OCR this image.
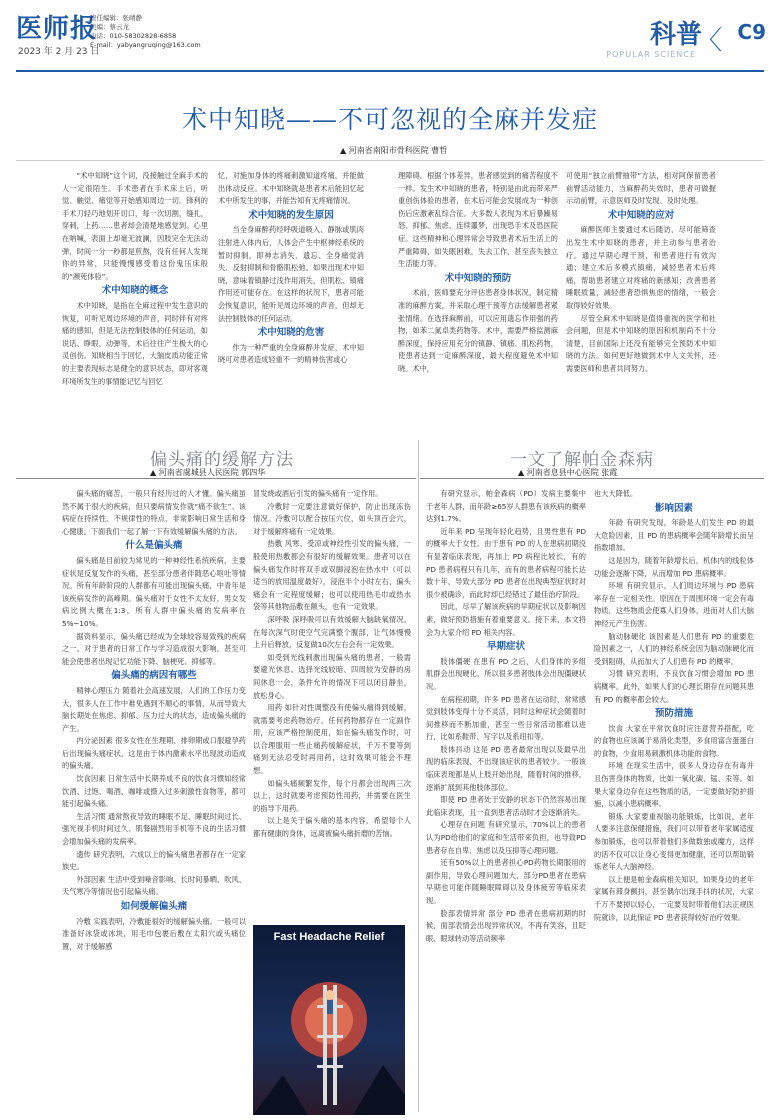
医师报
2023 年 2 月 23 日
责任编辑：张晴静
美编：蔡云龙
电话：010-58302828-6858
E-mail：yabyangruqing@163.com	科普
POPULAR SCIENCE 〈 C9
术中知晓——不可忽视的全麻并发症
▲ 河南省南阳市骨科医院 曹哲

“术中知晓”这个词，没接触过全麻手术的人一定很陌生。手术患者在手术床上后，听觉、触觉、痛觉等开始感知周边一切。锋利的手术刀轻巧地划开切口，每一次切割，缝扎，穿刺，上药……患者却会清楚地感觉到。心里在呐喊，表面上却毫无波澜，因肢完全无法动弹，时间一分一秒都是煎熬，没有任何人发现你的异常，只能慢慢感受着这份鬼压床般的“濒死体验”。

术中知晓的概念

术中知晓，是指在全麻过程中发生意识的恢复，可听见周边环境的声音，同时伴有对疼痛的感知，但是无法控制肢体的任何运动，如说话、睁眼、动弹等，术后往往产生极大的心灵创伤。知晓相当于回忆，大脑皮质功能正常的主要表现标志是健全的意识状态，即对客观环境所发生的事情能记忆与回忆

忆，对施加身体的疼痛刺激知道疼痛，并能做出体动反应。术中知晓就是患者术后能回忆起术中所发生的事，并能告知有无疼痛情况。

术中知晓的发生原因

当全身麻醉药经呼吸道吸入、静脉或肌肉注射进入体内后，人体会产生中枢神经系统的暂时抑制，即神志消失、遗忘、全身痛觉消失、反射抑制和骨骼肌松弛。如果出现术中知晓，意味着镇静过浅作用消失，但肌松、镇痛作用还可能存在。在这样的状况下，患者可能会恢复意识，能听见周边环境的声音，但却无法控制肢体的任何运动。

术中知晓的危害

作为一种严重的全身麻醉并发症，术中知晓可对患者造成轻重不一的精神伤害或心

理障碍。根据个体差异，患者感觉到的痛苦程度不一样。发生术中知晓的患者，特别是由此而带来严重创伤体验的患者，在术后可能会发展成为一种创伤后应激紊乱综合征。大多数人表现为术后暴躁易怒、抑郁、焦虑、连续噩梦，出现恐手术及恐医院症。这些精神和心理异常会导致患者术后生活上的严重障碍，如失眠困难，失去工作，甚至丧失独立生活能力等。

术中知晓的预防

术前，医师要充分评估患者身体状况，制定精准的麻醉方案，并采取心理干预等方法缓解患者紧张情绪。在选择麻醉前，可以应用遗忘作用强的药物，如苯二氮卓类药物等。术中，需要严格监测麻醉深度，保持应用充分的镇静、镇痛、肌松药物，使患者达到一定麻醉深度，最大程度避免术中知晓。术中，

可使用“独立前臂抽带”方法，相对阿保留患者前臂活动能力，当麻醉药失效时，患者可做握示动前臂，示意医师及时发现、及时处理。

术中知晓的应对

麻醉医师主要通过术后随访，尽可能筛查出发生术中知晓的患者，并主动参与患者治疗。通过早期心理干预，和患者进行有效沟通；建立术后多模式镇痛，减轻患者术后疼痛，帮助患者建立对疼痛的新感知；改善患者睡眠质量，减轻患者恐惧焦虑的情绪，一般会取得较好效果。

尽管全麻术中知晓是值得重视的医学和社会问题，但是术中知晓的原因和机制尚不十分清楚，目前国际上还没有能够完全预防术中知晓的方法。如何更好地做到术中人文关怀，还需要医师和患者共同努力。

偏头痛的缓解方法
▲ 河南省虞城县人民医院 郭四华
一文了解帕金森病
▲ 河南省息县中心医院 张霞

偏头痛的痛苦，一般只有经历过的人才懂。偏头痛虽然不属于很大的疾病，但只要病情发作就“痛不欲生”。该病症在持续性、不规律性的特点，非常影响日常生活和身心健康。下面我们一起了解一下有效缓解偏头痛的方法。

什么是偏头痛

偏头痛是目前较为常见的一种神经性系统疾病，主要症状是反复发作的头痛，甚至部分患者伴随恶心呕吐等情况。所有年龄阶段的人群都有可能出现偏头痛，中青年是该疾病发作的高峰期。偏头痛对于女性不太友好，男女发病比例大概在1:3，所有人群中偏头痛的发病率在5%~10%。

据资料显示，偏头痛已经成为全球较容易致残的疾病之一。对于患者的日常工作与学习造成很大影响，甚至可能会使患者出现记忆功能下降、脑梗死、抑郁等。

偏头痛的病因有哪些

精神心理压力 随着社会高速发展，人们的工作压力变大，很多人在工作中难免遇到不顺心的事情，从而导致大脑长期处在焦虑、抑郁、压力过大的状态，造成偏头痛的产生。

内分泌因素 很多女性在生理期、排卵期或口服避孕药后出现偏头痛症状，这是由于体内激素水平出现波动造成的偏头痛。

饮食因素 日常生活中长期养成不良的饮食习惯如经常饮酒、过饱、喝酒、咖啡或摄入过多刺激性食物等，都可能引起偏头痛。

生活习惯 通常熬夜导致的睡眠不足、睡眠时间过长、强光视手机时间过久、肌餐剧烈用手机等不良的生活习惯会增加偏头痛的发病率。

遗传 研究表明，六成以上的偏头痛患者都存在一定家族史。

外部因素 生活中受到噪音影响、长时间暴晒、吹风、天气寒冷等情况也引起偏头痛。

如何缓解偏头痛

冷敷 实践表明，冷敷能很好的缓解偏头痛。一般可以准备好冰袋或冰块，用毛巾包裹后敷在太阳穴或头痛位置，对于缓解感

冒发烧或酒后引发的偏头痛有一定作用。

冷敷时一定要注意做好保护，防止出现冻伤情况。冷敷可以配合按压穴位，如头顶百会穴，对于缓解疼痛有一定效果。

热敷 风寒、受凉或神经性引发的偏头痛，一般使用热敷都会有很好的缓解效果。患者可以在偏头痛发作时将双手或双脚浸泡在热水中（可以适当的放用温度最好），浸泡半个小时左右，偏头痛会有一定程度缓解；也可以使用热毛巾或热水袋等其他物品敷在额头，也有一定效果。

深呼吸 深呼吸可以有效缓解大脑缺氧情况。在每次深气时使空气完满整个腹部，让气体慢慢上升后释放，反复做10次左右会有一定效果。

如受到光线刺激出现偏头痛的患者，一般需要避光休息。选择光线较暗、四周较为安静的房间休息一会，条件允许的情况下可以闭目静坐，放松身心。

用药 如针对性调整没有使偏头痛得到缓解，就需要考虑药物治疗。任何药物都存在一定副作用，应该严格控制使用，如在偏头痛发作时，可以合理服用一些止痛药缓解症状，千万不要等到痛到无法忍受时再用药，这时效果可能会不理想。

如偏头痛频繁发作，每个月都会出现两三次以上，这时就要考虑预防性用药，并需要在医生的指导下用药。

以上是关于偏头痛的基本内容，希望每个人都有健康的身体，远离被偏头痛折磨的苦恼。

Fast Headache Relief

有研究显示，帕金森病（PD）发病主要集中于老年人群，而年龄≥65岁人群患有该疾病的概率达到1.7%。

近年来 PD 呈现年轻化趋势，且男性患有 PD 的概率大于女性。由于患有 PD 的人在患病初期没有显著临床表现，再加上 PD 病程比较长，有的 PD 患者病程只有几年，而有的患者病程可能长达数十年，导致大部分 PD 患者在出现典型症状时对很少被确诊，而此时却已经错过了最佳治疗阶段。

因此，尽早了解该疾病的早期症状以及影响因素，做好预防措施有着重要意义。接下来，本文将会为大家介绍 PD 相关内容。

早期症状

肢体僵硬 在患有 PD 之后，人们身体的多组肌群会出现硬化，所以很多患者肢体会出现僵硬状况。

在病程初期，许多 PD 患者在运动时，常常感觉到肢体变得十分不灵活，同时这种症状会随着时间推移而不断加重，甚至一些日常活动都难以进行，比如系鞋带、写字以及系纽扣等。

肢体抖动 这是 PD 患者最常出现以及最早出现的临床表现，不出现该症状的患者较少。一般该临床表现都是从上肢开始出现，随着时间的推移，逐渐扩展到其他肢体部位。

即使 PD 患者处于安静的状态下仍然容易出现此临床表现，且一直到患者活动时才会逐渐消失。

心理存在问题 有研究显示，70%以上的患者认为PD给他们的家庭和生活带来负担，也导致PD患者存在自卑、焦虑以及压抑等心理问题。

还有50%以上的患者担心PD药物长期服用的副作用，导致心理问题加大，部分PD患者在患病早期也可能伴随睡眠障碍以及身体疲劳等临床表现。

脸部表情异常 部分 PD 患者在患病初期的时候，面部表情会出现异常状况，不再有笑容，且眨眼、眼球转动等活动频率

也大大降低。

影响因素

年龄 有研究发现，年龄是人们发生 PD 的最大危险因素，且 PD 的患病概率会随年龄增长而呈指数增加。

这是因为，随着年龄增长后，机体内的线粒体功能会逐渐下降，从而增加 PD 患病概率。

环境 有研究显示，人们周边环境与 PD 患病率存在一定相关性。原因在于周围环境一定会有毒物质，这些物质会使寡人们身体，进而对人们大脑神经元产生伤害。

脑动脉硬化 该因素是人们患有 PD 的重要危险因素之一，人们的神经系统会因为脑动脉硬化而受到阻碍，从而加大了人们患有 PD 的概率。

习惯 研究表明，不良饮食习惯会增加 PD 患病概率。此外，如果人们的心理长期存在问题其患有 PD 的概率都会较大。

预防措施

饮食 大家在平常饮食时应注意营养搭配，吃的食物也应该属于易消化类型，多食用富含蛋蛋白的食物，少食用易刺激机体功能的食物。

环境 在现实生活中，很多人身边存在有毒并且伤害身体的物质，比如一氧化碳、锰、汞等。如果大家身边存在这些物质的话，一定要做好防护措施，以减小患病概率。

锻炼 大家要重视脑功能锻炼，比如说，老年人要多注意保健措施，我们可以带着老年家属适度参加锻炼，也可以带着他们多做数独或魔方，这样的话不仅可以让身心变得更加健康，还可以帮助锻炼老年人大脑神经。

以上便是帕金森病相关知识，如果身边的老年家属有滞身颤抖，甚至偶尔出现手抖的状况，大家千万不要掉以轻心，一定要及时带着他们去正规医院就诊，以此保证 PD 患者获得较好治疗效果。
